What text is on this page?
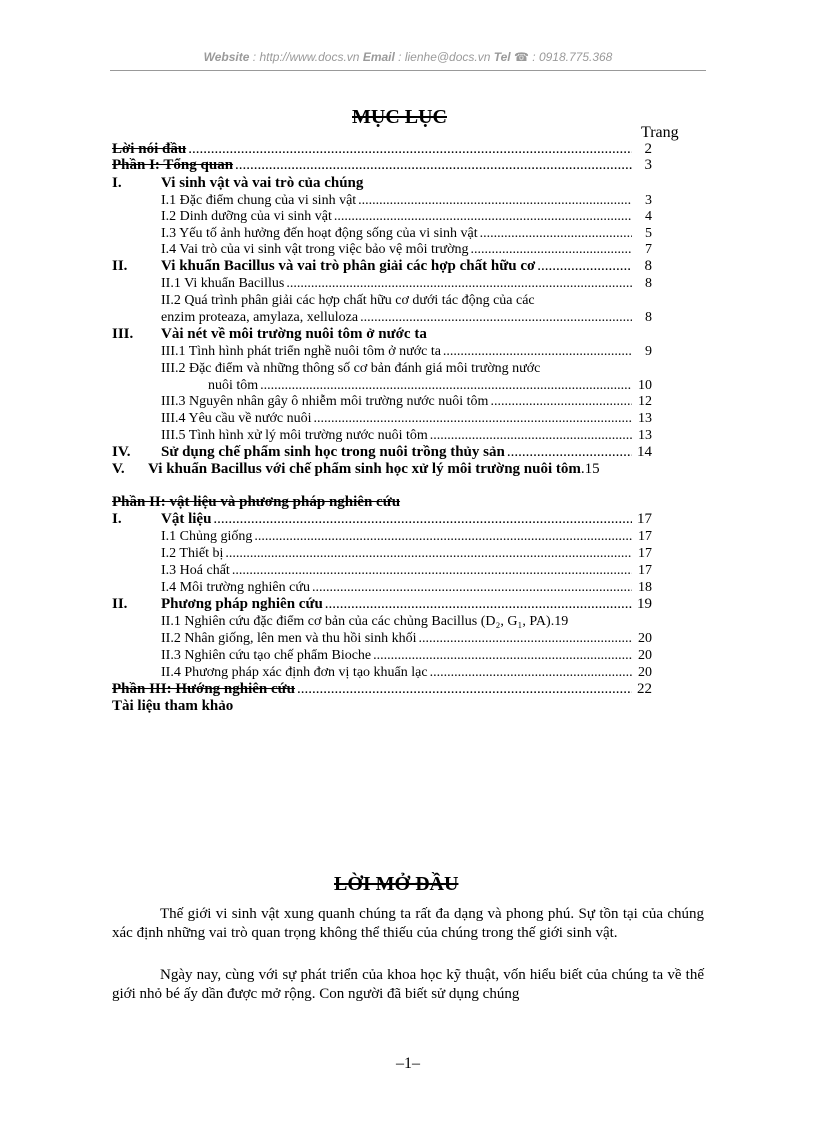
Website : http://www.docs.vn Email : lienhe@docs.vn Tel ☎ : 0918.775.368
MỤC LỤC
Trang
Lời nói đầu .....	2
Phần I: Tổng quan .....	3
I.	Vi sinh vật và vai trò của chúng
I.1 Đặc điểm chung của vi sinh vật .....	3
I.2 Dinh dưỡng của vi sinh vật .....	4
I.3 Yếu tố ảnh hưởng đến hoạt động sống của vi sinh vật .....	5
I.4 Vai trò của vi sinh vật trong việc bảo vệ môi trường .....	7
II. Vi khuẩn Bacillus và vai trò phân giải các hợp chất hữu cơ .....	8
II.1 Vi khuẩn Bacillus .....	8
II.2 Quá trình phân giải các hợp chất hữu cơ dưới tác động của các
enzim proteaza, amylaza, xelluloza .....	8
III. Vài nét về môi trường nuôi tôm ở nước ta
III.1 Tình hình phát triển nghề nuôi tôm ở nước ta .....	9
III.2 Đặc điểm và những thông số cơ bản đánh giá môi trường nước
nuôi tôm .....	10
III.3 Nguyên nhân gây ô nhiễm môi trường nước nuôi tôm .....	12
III.4 Yêu cầu về nước nuôi .....	13
III.5 Tình hình xử lý môi trường nước nuôi tôm .....	13
IV. Sử dụng chế phẩm sinh học trong nuôi trồng thủy sản .....	14
V. Vi khuẩn Bacillus với chế phẩm sinh học xử lý môi trường nuôi tôm .15
Phần II: vật liệu và phương pháp nghiên cứu
I.	Vật liệu .....	17
I.1 Chủng giống .....	17
I.2 Thiết bị .....	17
I.3 Hoá chất .....	17
I.4 Môi trường nghiên cứu .....	18
II. Phương pháp nghiên cứu .....	19
II.1 Nghiên cứu đặc điểm cơ bản của các chủng Bacillus (D₂, G₁, PA) .19
II.2 Nhân giống, lên men và thu hồi sinh khối .....	20
II.3 Nghiên cứu tạo chế phẩm Bioche .....	20
II.4 Phương pháp xác định đơn vị tạo khuẩn lạc .....	20
Phần III: Hướng nghiên cứu .....	22
Tài liệu tham khảo
LỜI MỞ ĐẦU

Thế giới vi sinh vật xung quanh chúng ta rất đa dạng và phong phú. Sự tồn tại của chúng xác định những vai trò quan trọng không thể thiếu của chúng trong thế giới sinh vật.

Ngày nay, cùng với sự phát triển của khoa học kỹ thuật, vốn hiểu biết của chúng ta về thế giới nhỏ bé ấy dần được mở rộng. Con người đã biết sử dụng chúng

–1–
